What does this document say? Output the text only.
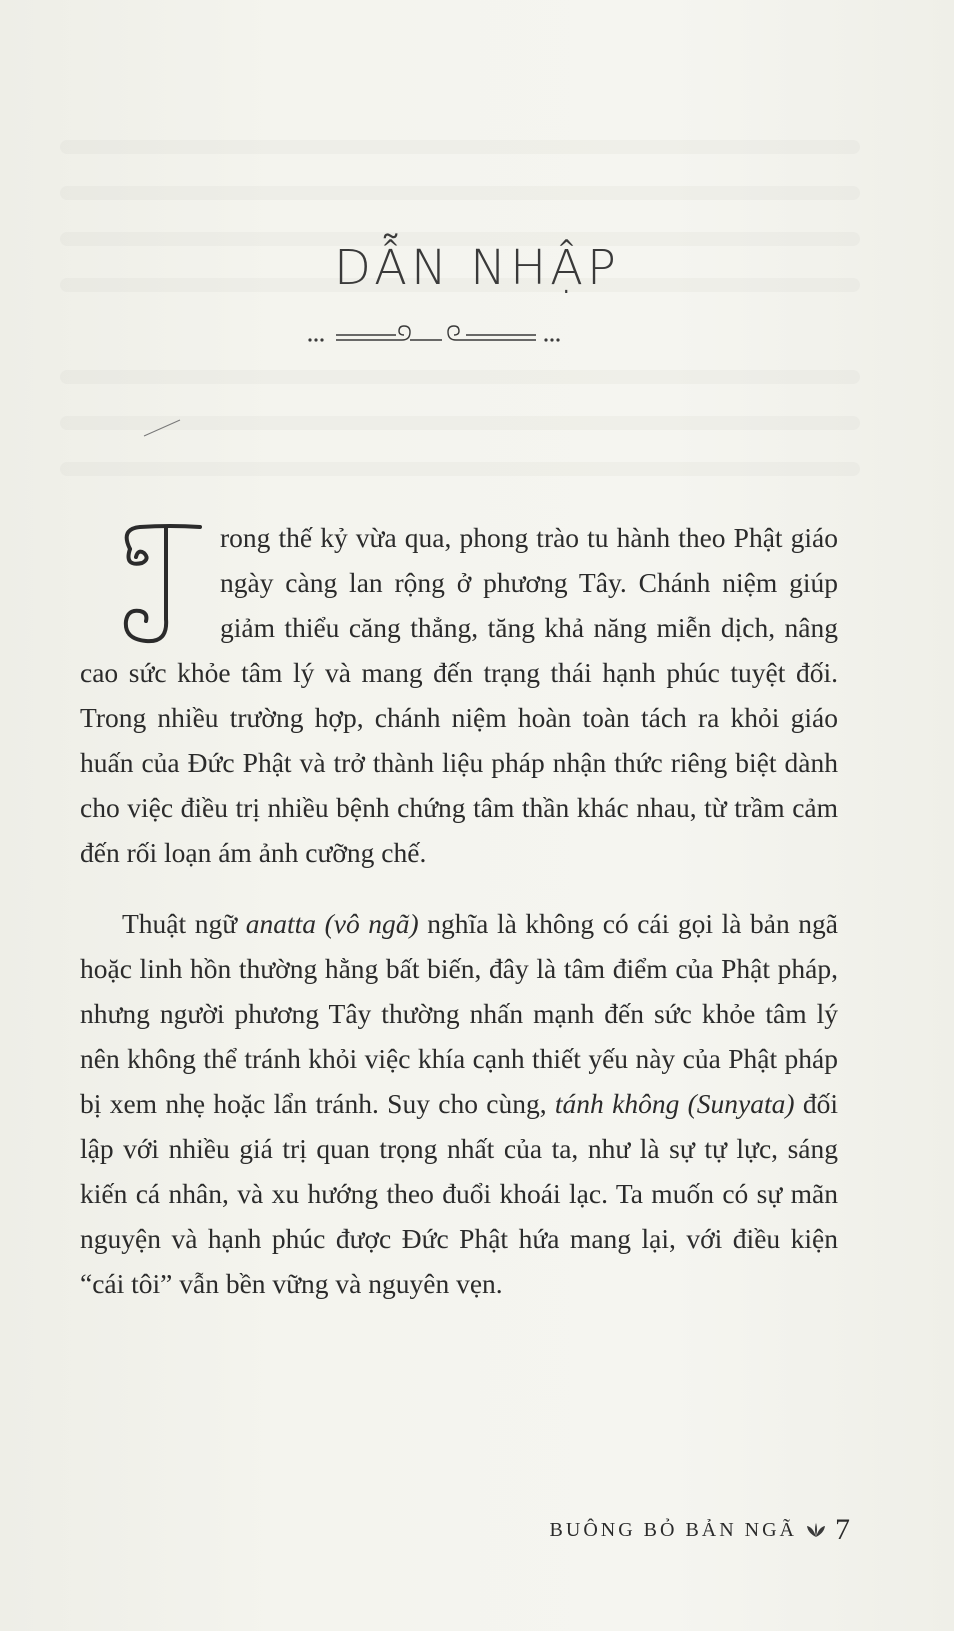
DẪN NHẬP

T
rong thế kỷ vừa qua, phong trào tu hành theo Phật giáo ngày càng lan rộng ở phương Tây. Chánh niệm giúp giảm thiểu căng thẳng, tăng khả năng miễn dịch, nâng cao sức khỏe tâm lý và mang đến trạng thái hạnh phúc tuyệt đối. Trong nhiều trường hợp, chánh niệm hoàn toàn tách ra khỏi giáo huấn của Đức Phật và trở thành liệu pháp nhận thức riêng biệt dành cho việc điều trị nhiều bệnh chứng tâm thần khác nhau, từ trầm cảm đến rối loạn ám ảnh cưỡng chế.

Thuật ngữ anatta (vô ngã) nghĩa là không có cái gọi là bản ngã hoặc linh hồn thường hằng bất biến, đây là tâm điểm của Phật pháp, nhưng người phương Tây thường nhấn mạnh đến sức khỏe tâm lý nên không thể tránh khỏi việc khía cạnh thiết yếu này của Phật pháp bị xem nhẹ hoặc lẩn tránh. Suy cho cùng, tánh không (Sunyata) đối lập với nhiều giá trị quan trọng nhất của ta, như là sự tự lực, sáng kiến cá nhân, và xu hướng theo đuổi khoái lạc. Ta muốn có sự mãn nguyện và hạnh phúc được Đức Phật hứa mang lại, với điều kiện “cái tôi” vẫn bền vững và nguyên vẹn.

BUÔNG BỎ BẢN NGÃ 7
